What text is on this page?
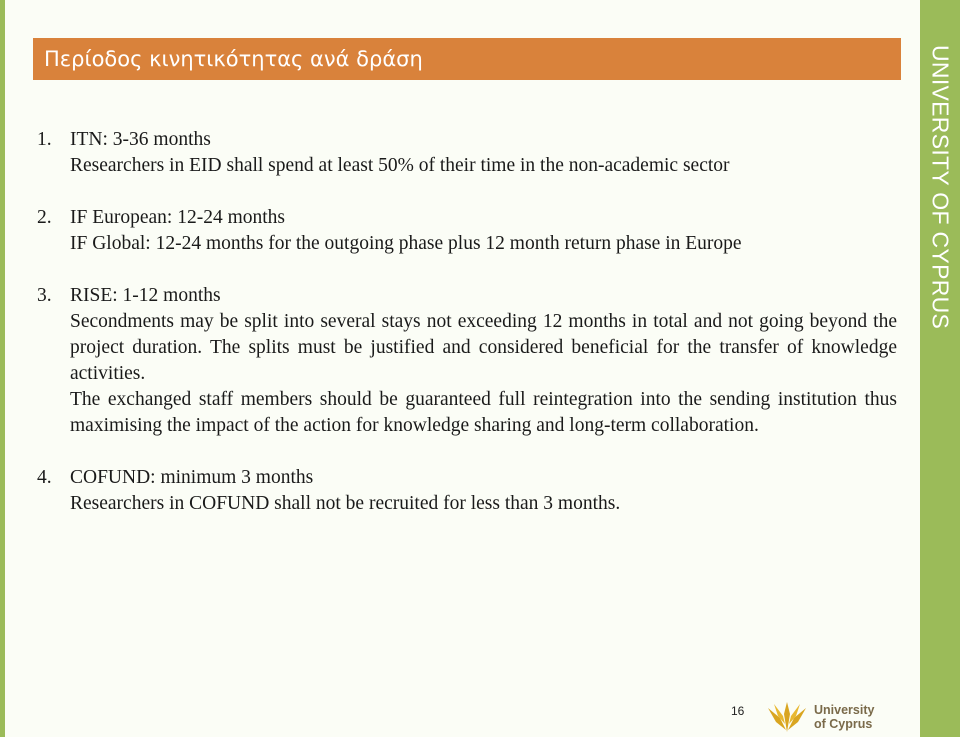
UNIVERSITY OF CYPRUS
Περίοδος κινητικότητας ανά δράση
1. ITN: 3-36 months

Researchers in EID shall spend at least 50% of their time in the non-academic sector

2. IF European: 12-24 months

IF Global: 12-24 months for the outgoing phase plus 12 month return phase in Europe

3. RISE: 1-12 months

Secondments may be split into several stays not exceeding 12 months in total and not going beyond the project duration. The splits must be justified and considered beneficial for the transfer of knowledge activities.

The exchanged staff members should be guaranteed full reintegration into the sending institution thus maximising the impact of the action for knowledge sharing and long-term collaboration.

4. COFUND: minimum 3 months

Researchers in COFUND shall not be recruited for less than 3 months.

16	University
of Cyprus
